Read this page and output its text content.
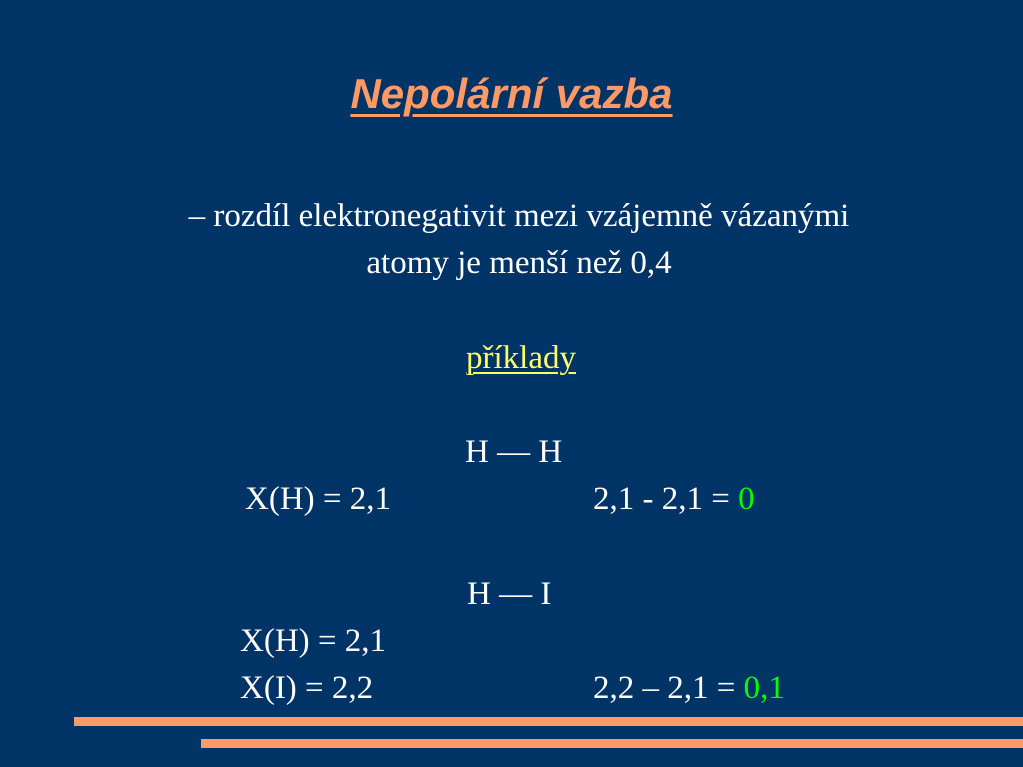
Nepolární vazba
– rozdíl elektronegativit mezi vzájemně vázanými
atomy je menší než 0,4
příklady
H — H
X(H) = 2,1	2,1 - 2,1 = 0
H — I
X(H) = 2,1
X(I) = 2,2	2,2 – 2,1 = 0,1
